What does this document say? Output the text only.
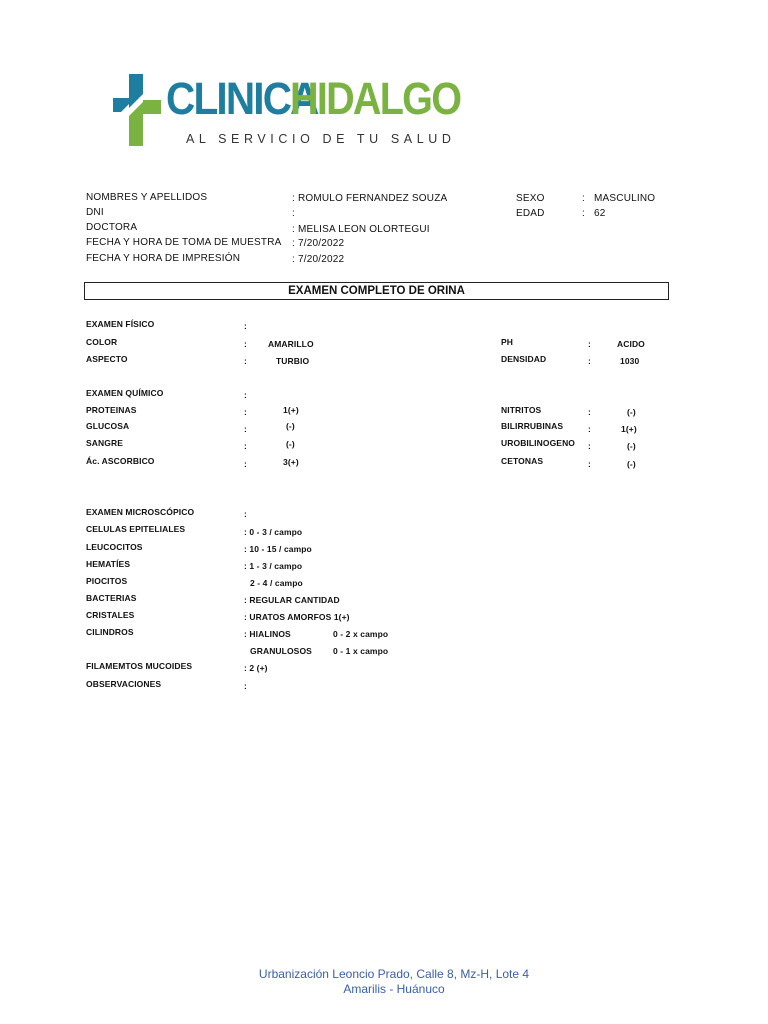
CLINICA
HIDALGO
AL SERVICIO DE TU SALUD
NOMBRES Y APELLIDOS	: ROMULO FERNANDEZ SOUZA
DNI	:
DOCTORA	: MELISA LEON OLORTEGUI
FECHA Y HORA DE TOMA DE MUESTRA : 7/20/2022
FECHA Y HORA DE IMPRESIÓN	: 7/20/2022
SEXO	: MASCULINO
EDAD	: 62
EXAMEN COMPLETO DE ORINA
EXAMEN FÍSICO	:
COLOR	: AMARILLO
ASPECTO	:	TURBIO
PH	:	ACIDO
DENSIDAD	:	1030
EXAMEN QUÍMICO	:
PROTEINAS	:	1(+)
GLUCOSA	:	(-)
SANGRE	:	(-)
Ác. ASCORBICO	:	3(+)
NITRITOS	:	(-)
BILIRRUBINAS	:	1(+)
UROBILINOGENO :	(-)
CETONAS	:	(-)
EXAMEN MICROSCÓPICO	:
CELULAS EPITELIALES	: 0 - 3 / campo
LEUCOCITOS	: 10 - 15 / campo
HEMATÍES	: 1 - 3 / campo
PIOCITOS	2 - 4 / campo
BACTERIAS	: REGULAR CANTIDAD
CRISTALES	: URATOS AMORFOS 1(+)
CILINDROS	: HIALINOS	0 - 2 x campo
GRANULOSOS 0 - 1 x campo
FILAMEMTOS MUCOIDES	: 2 (+)
OBSERVACIONES	:
Urbanización Leoncio Prado, Calle 8, Mz-H, Lote 4
Amarilis - Huánuco
